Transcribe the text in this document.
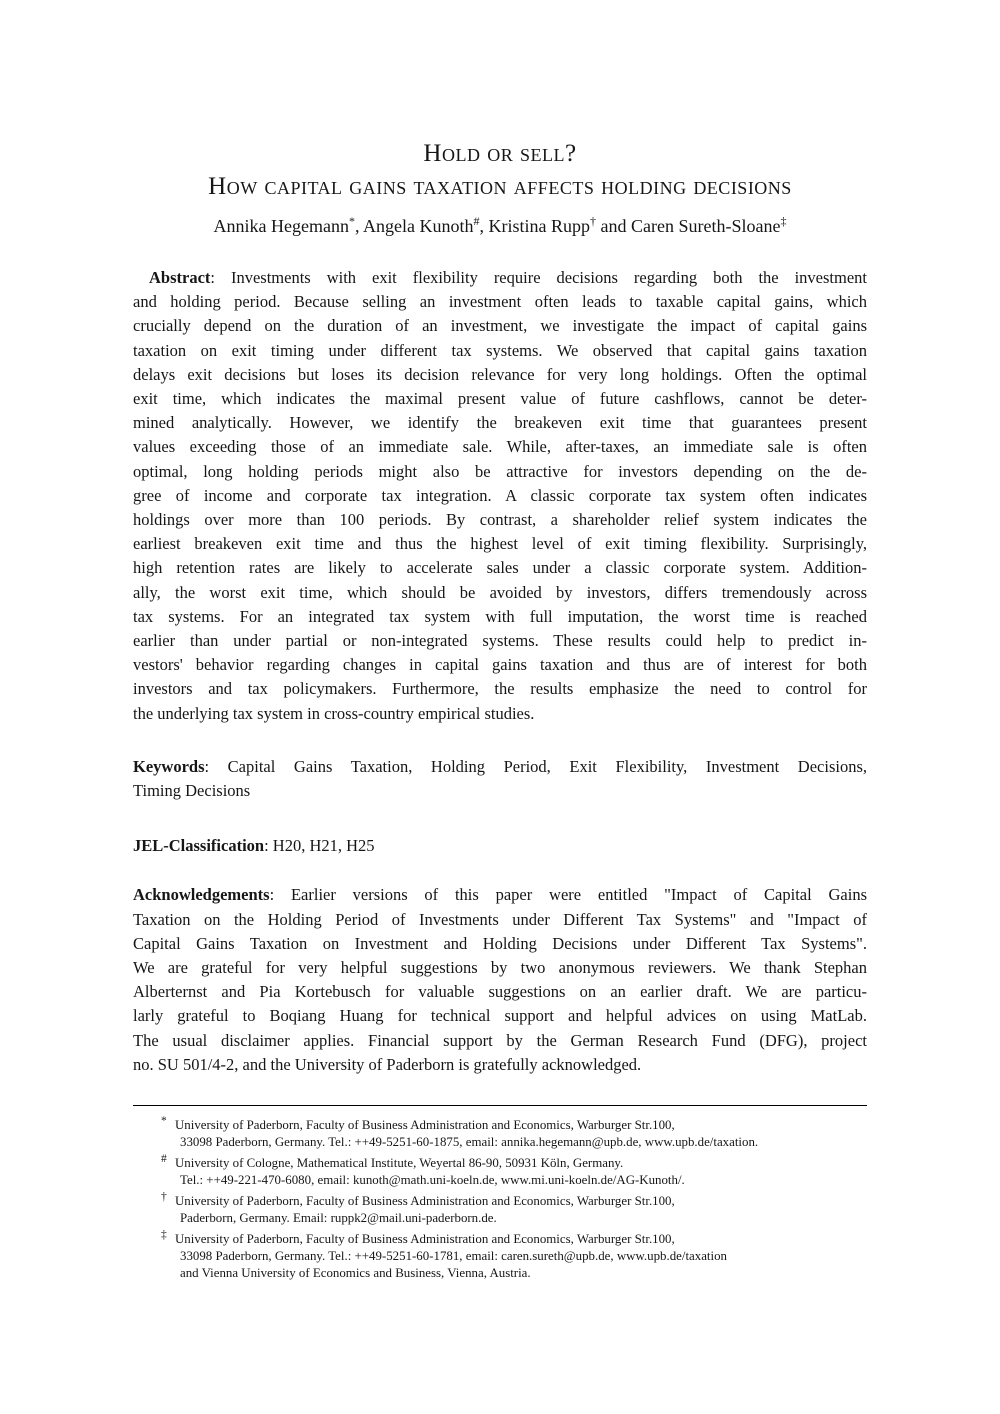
Hold or sell?
How capital gains taxation affects holding decisions
Annika Hegemann*, Angela Kunoth#, Kristina Rupp† and Caren Sureth-Sloane‡
Abstract: Investments with exit flexibility require decisions regarding both the investment
and holding period. Because selling an investment often leads to taxable capital gains, which
crucially depend on the duration of an investment, we investigate the impact of capital gains
taxation on exit timing under different tax systems. We observed that capital gains taxation
delays exit decisions but loses its decision relevance for very long holdings. Often the optimal
exit time, which indicates the maximal present value of future cashflows, cannot be deter-
mined analytically. However, we identify the breakeven exit time that guarantees present
values exceeding those of an immediate sale. While, after-taxes, an immediate sale is often
optimal, long holding periods might also be attractive for investors depending on the de-
gree of income and corporate tax integration. A classic corporate tax system often indicates
holdings over more than 100 periods. By contrast, a shareholder relief system indicates the
earliest breakeven exit time and thus the highest level of exit timing flexibility. Surprisingly,
high retention rates are likely to accelerate sales under a classic corporate system. Addition-
ally, the worst exit time, which should be avoided by investors, differs tremendously across
tax systems. For an integrated tax system with full imputation, the worst time is reached
earlier than under partial or non-integrated systems. These results could help to predict in-
vestors' behavior regarding changes in capital gains taxation and thus are of interest for both
investors and tax policymakers. Furthermore, the results emphasize the need to control for
the underlying tax system in cross-country empirical studies.
Keywords: Capital Gains Taxation, Holding Period, Exit Flexibility, Investment Decisions,
Timing Decisions
JEL-Classification: H20, H21, H25
Acknowledgements: Earlier versions of this paper were entitled "Impact of Capital Gains
Taxation on the Holding Period of Investments under Different Tax Systems" and "Impact of
Capital Gains Taxation on Investment and Holding Decisions under Different Tax Systems".
We are grateful for very helpful suggestions by two anonymous reviewers. We thank Stephan
Alberternst and Pia Kortebusch for valuable suggestions on an earlier draft. We are particu-
larly grateful to Boqiang Huang for technical support and helpful advices on using MatLab.
The usual disclaimer applies. Financial support by the German Research Fund (DFG), project
no. SU 501/4-2, and the University of Paderborn is gratefully acknowledged.
* University of Paderborn, Faculty of Business Administration and Economics, Warburger Str.100,
33098 Paderborn, Germany. Tel.: ++49-5251-60-1875, email: annika.hegemann@upb.de, www.upb.de/taxation.
# University of Cologne, Mathematical Institute, Weyertal 86-90, 50931 Köln, Germany.
Tel.: ++49-221-470-6080, email: kunoth@math.uni-koeln.de, www.mi.uni-koeln.de/AG-Kunoth/.
† University of Paderborn, Faculty of Business Administration and Economics, Warburger Str.100,
Paderborn, Germany. Email: ruppk2@mail.uni-paderborn.de.
‡ University of Paderborn, Faculty of Business Administration and Economics, Warburger Str.100,
33098 Paderborn, Germany. Tel.: ++49-5251-60-1781, email: caren.sureth@upb.de, www.upb.de/taxation
and Vienna University of Economics and Business, Vienna, Austria.
